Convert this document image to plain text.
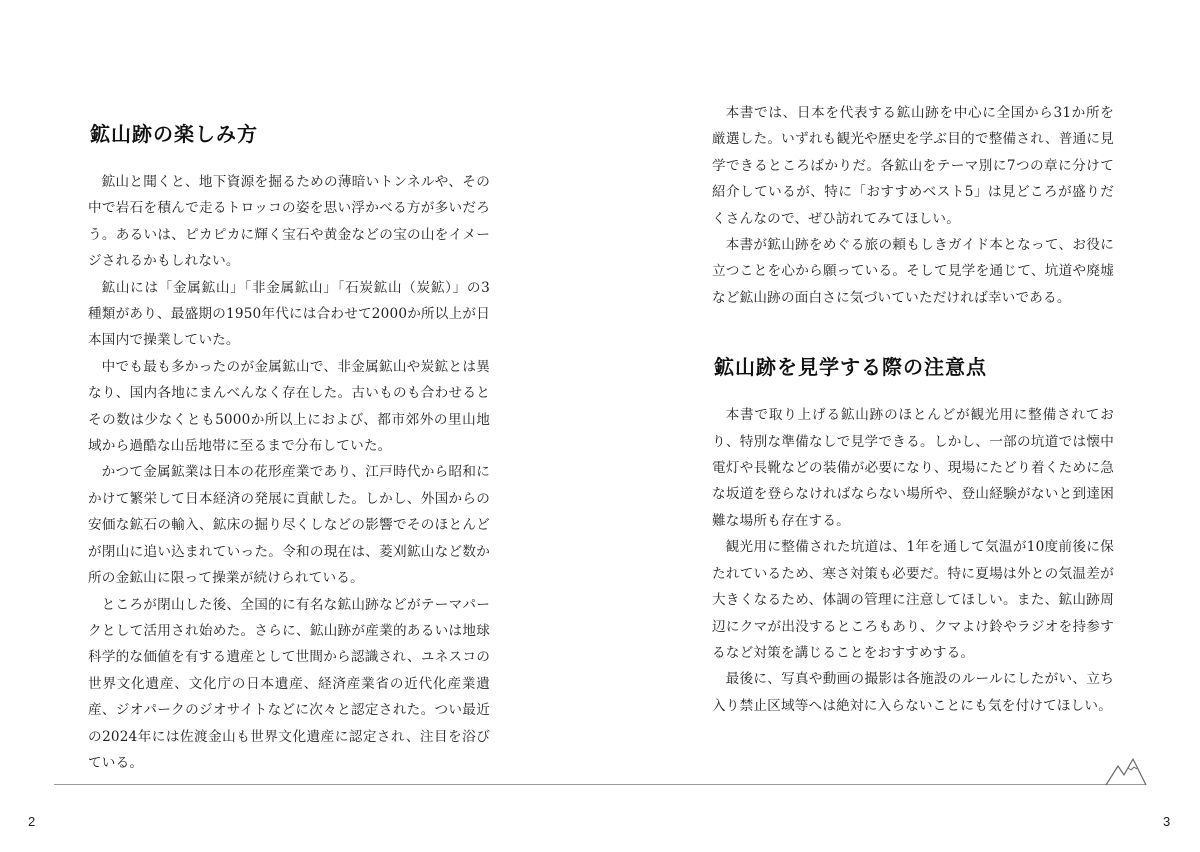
鉱山跡の楽しみ方

鉱山と聞くと、地下資源を掘るための薄暗いトンネルや、その中で岩石を積んで走るトロッコの姿を思い浮かべる方が多いだろう。あるいは、ピカピカに輝く宝石や黄金などの宝の山をイメージされるかもしれない。

鉱山には「金属鉱山」「非金属鉱山」「石炭鉱山（炭鉱）」の3種類があり、最盛期の1950年代には合わせて2000か所以上が日本国内で操業していた。

中でも最も多かったのが金属鉱山で、非金属鉱山や炭鉱とは異なり、国内各地にまんべんなく存在した。古いものも合わせるとその数は少なくとも5000か所以上におよび、都市郊外の里山地域から過酷な山岳地帯に至るまで分布していた。

かつて金属鉱業は日本の花形産業であり、江戸時代から昭和にかけて繁栄して日本経済の発展に貢献した。しかし、外国からの安価な鉱石の輸入、鉱床の掘り尽くしなどの影響でそのほとんどが閉山に追い込まれていった。令和の現在は、菱刈鉱山など数か所の金鉱山に限って操業が続けられている。

ところが閉山した後、全国的に有名な鉱山跡などがテーマパークとして活用され始めた。さらに、鉱山跡が産業的あるいは地球科学的な価値を有する遺産として世間から認識され、ユネスコの世界文化遺産、文化庁の日本遺産、経済産業省の近代化産業遺産、ジオパークのジオサイトなどに次々と認定された。つい最近の2024年には佐渡金山も世界文化遺産に認定され、注目を浴びている。

本書では、日本を代表する鉱山跡を中心に全国から31か所を厳選した。いずれも観光や歴史を学ぶ目的で整備され、普通に見学できるところばかりだ。各鉱山をテーマ別に7つの章に分けて紹介しているが、特に「おすすめベスト5」は見どころが盛りだくさんなので、ぜひ訪れてみてほしい。

本書が鉱山跡をめぐる旅の頼もしきガイド本となって、お役に立つことを心から願っている。そして見学を通じて、坑道や廃墟など鉱山跡の面白さに気づいていただければ幸いである。

鉱山跡を見学する際の注意点

本書で取り上げる鉱山跡のほとんどが観光用に整備されており、特別な準備なしで見学できる。しかし、一部の坑道では懐中電灯や長靴などの装備が必要になり、現場にたどり着くために急な坂道を登らなければならない場所や、登山経験がないと到達困難な場所も存在する。

観光用に整備された坑道は、1年を通して気温が10度前後に保たれているため、寒さ対策も必要だ。特に夏場は外との気温差が大きくなるため、体調の管理に注意してほしい。また、鉱山跡周辺にクマが出没するところもあり、クマよけ鈴やラジオを持参するなど対策を講じることをおすすめする。

最後に、写真や動画の撮影は各施設のルールにしたがい、立ち入り禁止区域等へは絶対に入らないことにも気を付けてほしい。

2	3
